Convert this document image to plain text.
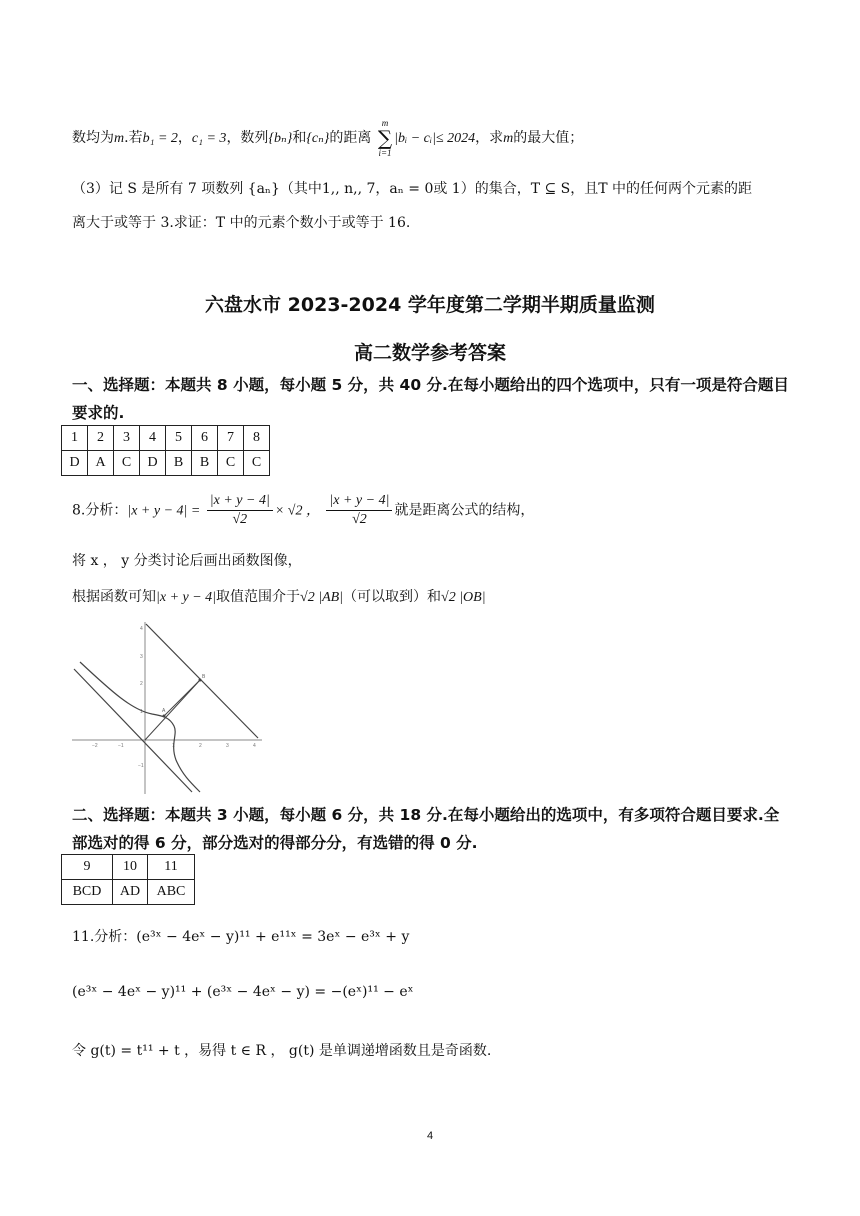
数均为m.若b₁ = 2，c₁ = 3，数列{bₙ}和{cₙ}的距离
m
∑
i=1
|bᵢ − cᵢ|≤ 2024，求m的最大值；
（3）记 S 是所有 7 项数列 {aₙ}（其中1,, n,, 7，aₙ = 0或 1）的集合，T ⊆ S，且T 中的任何两个元素的距
离大于或等于 3.求证：T 中的元素个数小于或等于 16.
六盘水市 2023-2024 学年度第二学期半期质量监测
高二数学参考答案
一、选择题：本题共 8 小题，每小题 5 分，共 40 分.在每小题给出的四个选项中，只有一项是符合题目要求的.
1	2	3	4	5	6	7	8
D	A	C	D	B	B	C	C
8.分析：$|x + y - 4| = \frac{|x + y - 4|}{√2} \times √2$ ， $\frac{|x + y - 4|}{√2}$ 就是距离公式的结构，
将 x ， y 分类讨论后画出函数图像，
根据函数可知|x + y − 4|取值范围介于√2 |AB|（可以取到）和√2 |OB|
−2	−1	1	2	3	4
4
3
2
1
−1
A
B
二、选择题：本题共 3 小题，每小题 6 分，共 18 分.在每小题给出的选项中，有多项符合题目要求.全部选对的得 6 分，部分选对的得部分分，有选错的得 0 分.
9	10	11
BCD	AD	ABC
11.分析：(e³ˣ − 4eˣ − y)¹¹ + e¹¹ˣ = 3eˣ − e³ˣ + y
(e³ˣ − 4eˣ − y)¹¹ + (e³ˣ − 4eˣ − y) = −(eˣ)¹¹ − eˣ
令 g(t) = t¹¹ + t ，易得 t ∈ R ， g(t) 是单调递增函数且是奇函数.
4
